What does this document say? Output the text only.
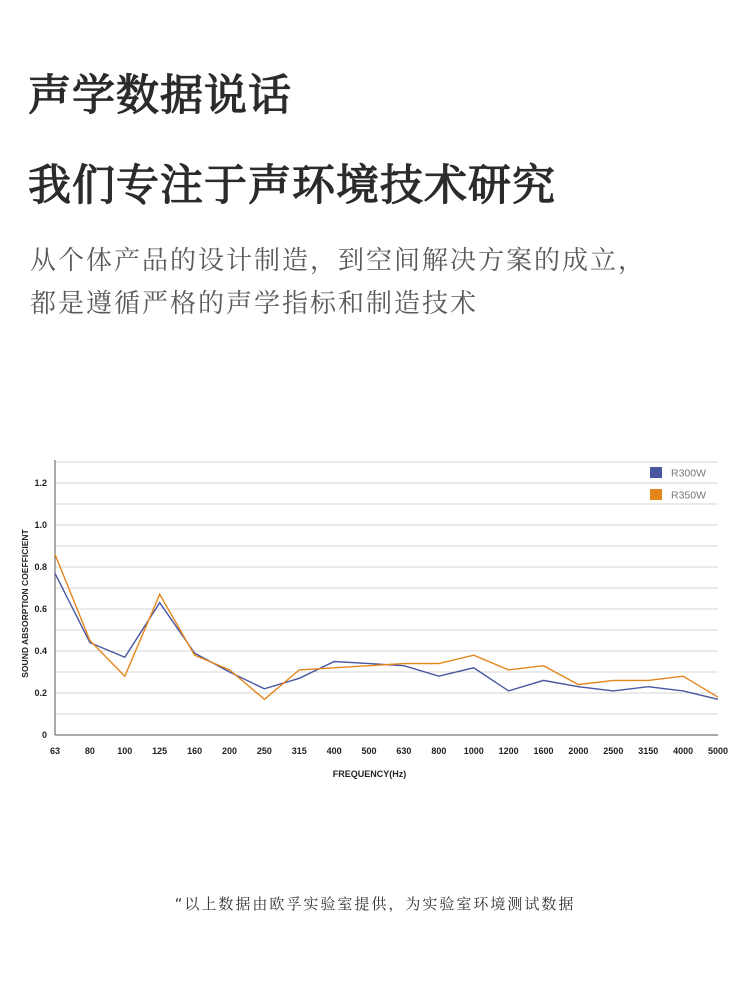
声学数据说话
我们专注于声环境技术研究
从个体产品的设计制造，到空间解决方案的成立，
都是遵循严格的声学指标和制造技术
0
0.2
0.4
0.6
0.8
1.0
1.2
63	80 100 125 160 200 250 315 400 500 630 800 1000 1200 1600 2000 2500 3150 4000 5000
FREQUENCY(Hz)
SOUND ABSORPTION COEFFICIENT
R300W
R350W
“以上数据由欧孚实验室提供，为实验室环境测试数据
